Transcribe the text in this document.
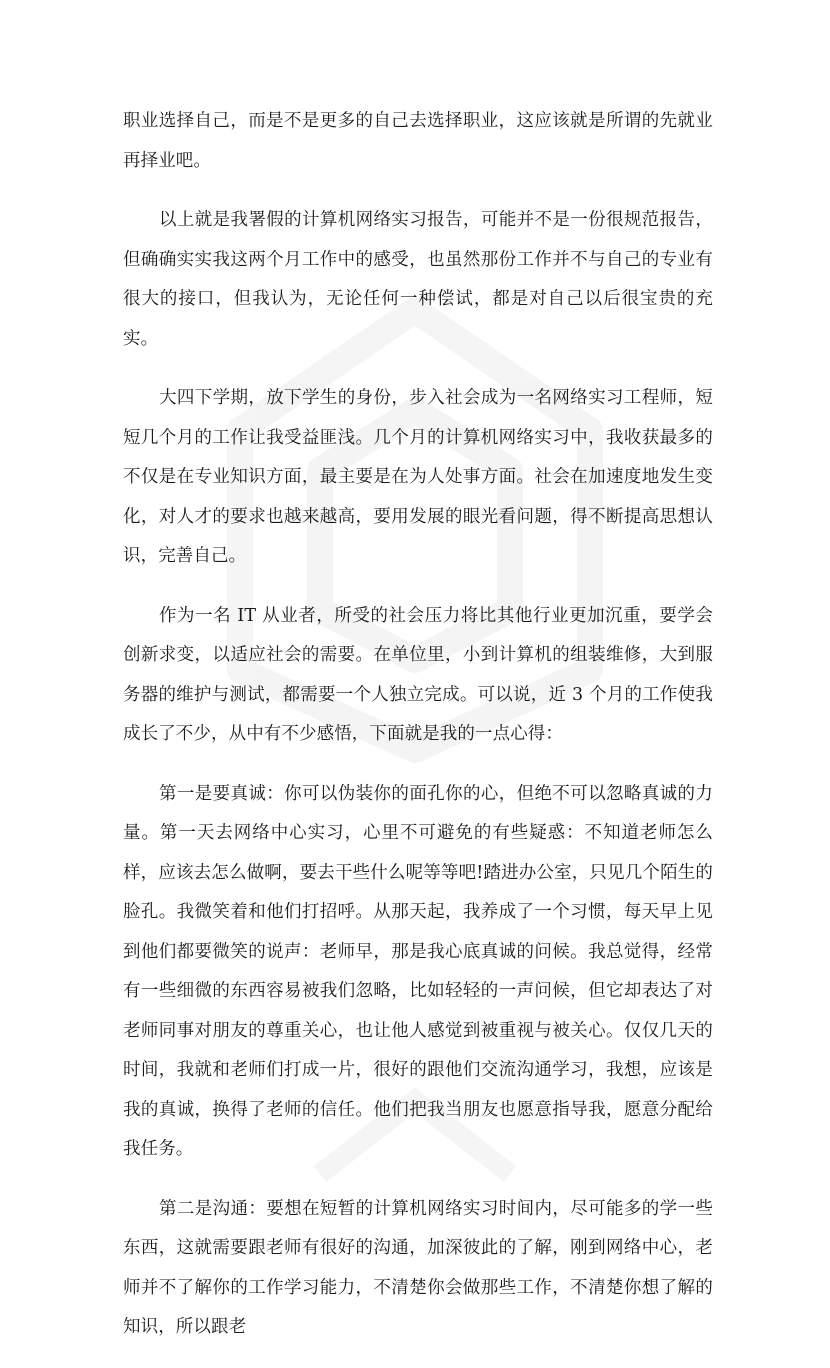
职业选择自己，而是不是更多的自己去选择职业，这应该就是所谓的先就业再择业吧。

以上就是我署假的计算机网络实习报告，可能并不是一份很规范报告，但确确实实我这两个月工作中的感受，也虽然那份工作并不与自己的专业有很大的接口，但我认为，无论任何一种偿试，都是对自己以后很宝贵的充实。

大四下学期，放下学生的身份，步入社会成为一名网络实习工程师，短短几个月的工作让我受益匪浅。几个月的计算机网络实习中，我收获最多的不仅是在专业知识方面，最主要是在为人处事方面。社会在加速度地发生变化，对人才的要求也越来越高，要用发展的眼光看问题，得不断提高思想认识，完善自己。

作为一名 IT 从业者，所受的社会压力将比其他行业更加沉重，要学会创新求变，以适应社会的需要。在单位里，小到计算机的组装维修，大到服务器的维护与测试，都需要一个人独立完成。可以说，近 3 个月的工作使我成长了不少，从中有不少感悟，下面就是我的一点心得：

第一是要真诚：你可以伪装你的面孔你的心，但绝不可以忽略真诚的力量。第一天去网络中心实习，心里不可避免的有些疑惑：不知道老师怎么样，应该去怎么做啊，要去干些什么呢等等吧!踏进办公室，只见几个陌生的脸孔。我微笑着和他们打招呼。从那天起，我养成了一个习惯，每天早上见到他们都要微笑的说声：老师早，那是我心底真诚的问候。我总觉得，经常有一些细微的东西容易被我们忽略，比如轻轻的一声问候，但它却表达了对老师同事对朋友的尊重关心，也让他人感觉到被重视与被关心。仅仅几天的时间，我就和老师们打成一片，很好的跟他们交流沟通学习，我想，应该是我的真诚，换得了老师的信任。他们把我当朋友也愿意指导我，愿意分配给我任务。

第二是沟通：要想在短暂的计算机网络实习时间内，尽可能多的学一些东西，这就需要跟老师有很好的沟通，加深彼此的了解，刚到网络中心，老师并不了解你的工作学习能力，不清楚你会做那些工作，不清楚你想了解的知识，所以跟老
